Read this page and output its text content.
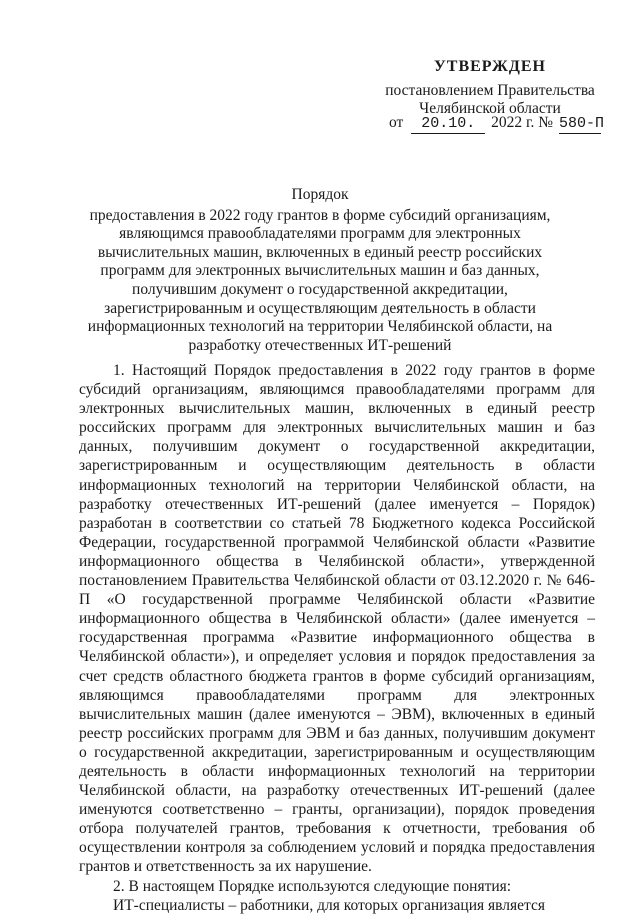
УТВЕРЖДЕН
постановлением Правительства
Челябинской области
от 20.10. 2022 г. № 580-П
Порядок
предоставления в 2022 году грантов в форме субсидий организациям, являющимся правообладателями программ для электронных вычислительных машин, включенных в единый реестр российских программ для электронных вычислительных машин и баз данных, получившим документ о государственной аккредитации, зарегистрированным и осуществляющим деятельность в области информационных технологий на территории Челябинской области, на разработку отечественных ИТ-решений

1. Настоящий Порядок предоставления в 2022 году грантов в форме субсидий организациям, являющимся правообладателями программ для электронных вычислительных машин, включенных в единый реестр российских программ для электронных вычислительных машин и баз данных, получившим документ о государственной аккредитации, зарегистрированным и осуществляющим деятельность в области информационных технологий на территории Челябинской области, на разработку отечественных ИТ-решений (далее именуется – Порядок) разработан в соответствии со статьей 78 Бюджетного кодекса Российской Федерации, государственной программой Челябинской области «Развитие информационного общества в Челябинской области», утвержденной постановлением Правительства Челябинской области от 03.12.2020 г. № 646-П «О государственной программе Челябинской области «Развитие информационного общества в Челябинской области» (далее именуется – государственная программа «Развитие информационного общества в Челябинской области»), и определяет условия и порядок предоставления за счет средств областного бюджета грантов в форме субсидий организациям, являющимся правообладателями программ для электронных вычислительных машин (далее именуются – ЭВМ), включенных в единый реестр российских программ для ЭВМ и баз данных, получившим документ о государственной аккредитации, зарегистрированным и осуществляющим деятельность в области информационных технологий на территории Челябинской области, на разработку отечественных ИТ-решений (далее именуются соответственно – гранты, организации), порядок проведения отбора получателей грантов, требования к отчетности, требования об осуществлении контроля за соблюдением условий и порядка предоставления грантов и ответственность за их нарушение.

2. В настоящем Порядке используются следующие понятия:

ИТ-специалисты – работники, для которых организация является
